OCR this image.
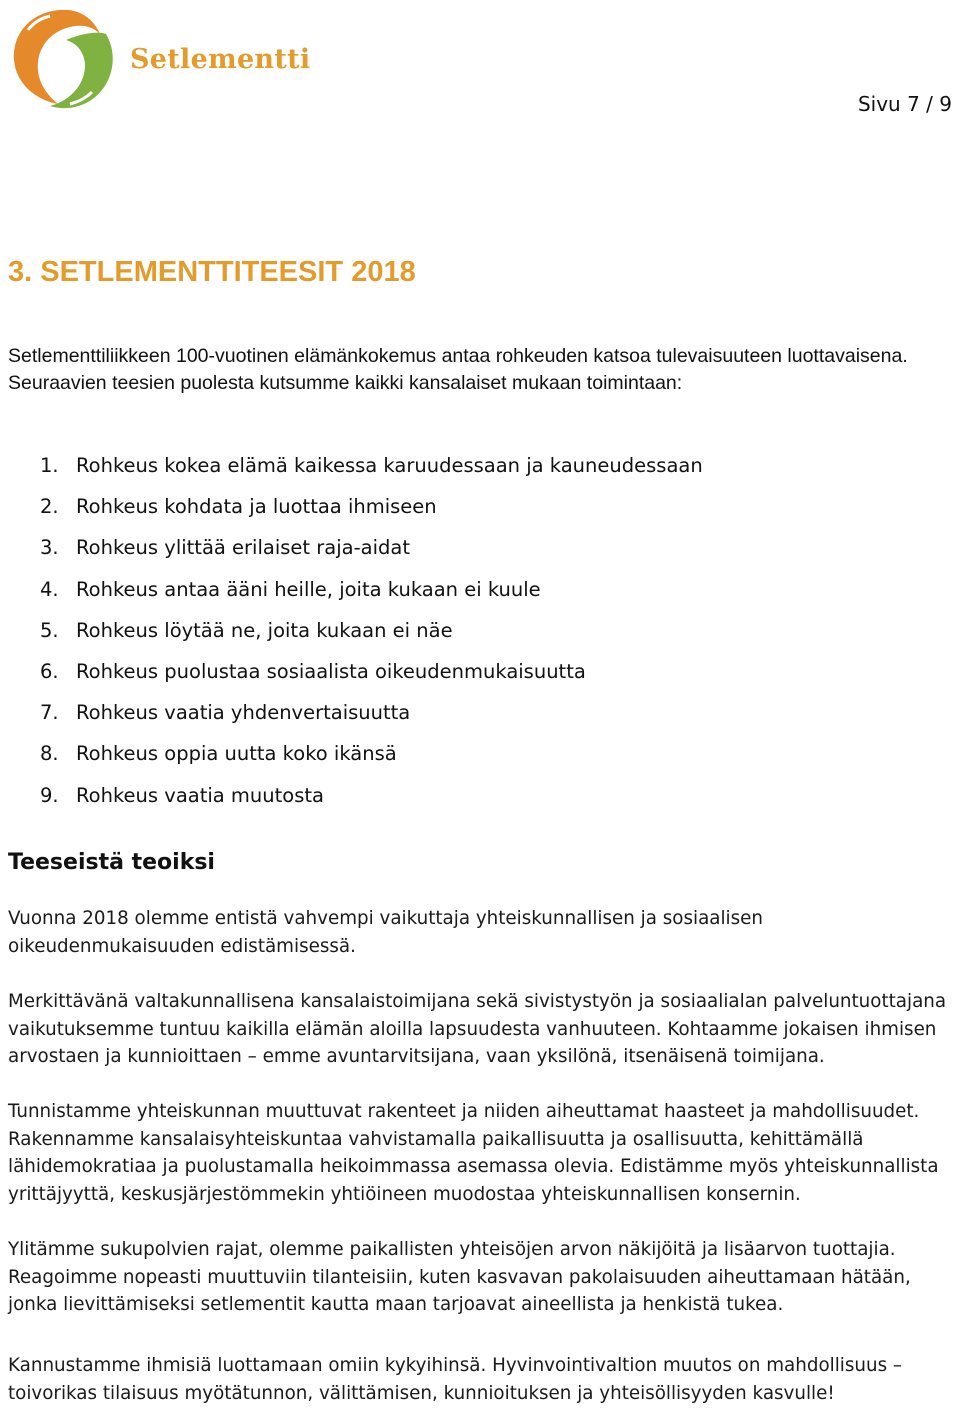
Setlementti
Sivu 7 / 9
3. SETLEMENTTITEESIT 2018

Setlementtiliikkeen 100-vuotinen elämänkokemus antaa rohkeuden katsoa tulevaisuuteen luottavaisena. Seuraavien teesien puolesta kutsumme kaikki kansalaiset mukaan toimintaan:

1. Rohkeus kokea elämä kaikessa karuudessaan ja kauneudessaan
2. Rohkeus kohdata ja luottaa ihmiseen
3. Rohkeus ylittää erilaiset raja-aidat
4. Rohkeus antaa ääni heille, joita kukaan ei kuule
5. Rohkeus löytää ne, joita kukaan ei näe
6. Rohkeus puolustaa sosiaalista oikeudenmukaisuutta
7. Rohkeus vaatia yhdenvertaisuutta
8. Rohkeus oppia uutta koko ikänsä
9. Rohkeus vaatia muutosta
Teeseistä teoiksi

Vuonna 2018 olemme entistä vahvempi vaikuttaja yhteiskunnallisen ja sosiaalisen oikeudenmukaisuuden edistämisessä.

Merkittävänä valtakunnallisena kansalaistoimijana sekä sivistystyön ja sosiaalialan palveluntuottajana vaikutuksemme tuntuu kaikilla elämän aloilla lapsuudesta vanhuuteen. Kohtaamme jokaisen ihmisen arvostaen ja kunnioittaen – emme avuntarvitsijana, vaan yksilönä, itsenäisenä toimijana.

Tunnistamme yhteiskunnan muuttuvat rakenteet ja niiden aiheuttamat haasteet ja mahdollisuudet. Rakennamme kansalaisyhteiskuntaa vahvistamalla paikallisuutta ja osallisuutta, kehittämällä lähidemokratiaa ja puolustamalla heikoimmassa asemassa olevia. Edistämme myös yhteiskunnallista yrittäjyyttä, keskusjärjestömmekin yhtiöineen muodostaa yhteiskunnallisen konsernin.

Ylitämme sukupolvien rajat, olemme paikallisten yhteisöjen arvon näkijöitä ja lisäarvon tuottajia. Reagoimme nopeasti muuttuviin tilanteisiin, kuten kasvavan pakolaisuuden aiheuttamaan hätään, jonka lievittämiseksi setlementit kautta maan tarjoavat aineellista ja henkistä tukea.

Kannustamme ihmisiä luottamaan omiin kykyihinsä. Hyvinvointivaltion muutos on mahdollisuus – toivorikas tilaisuus myötätunnon, välittämisen, kunnioituksen ja yhteisöllisyyden kasvulle!
